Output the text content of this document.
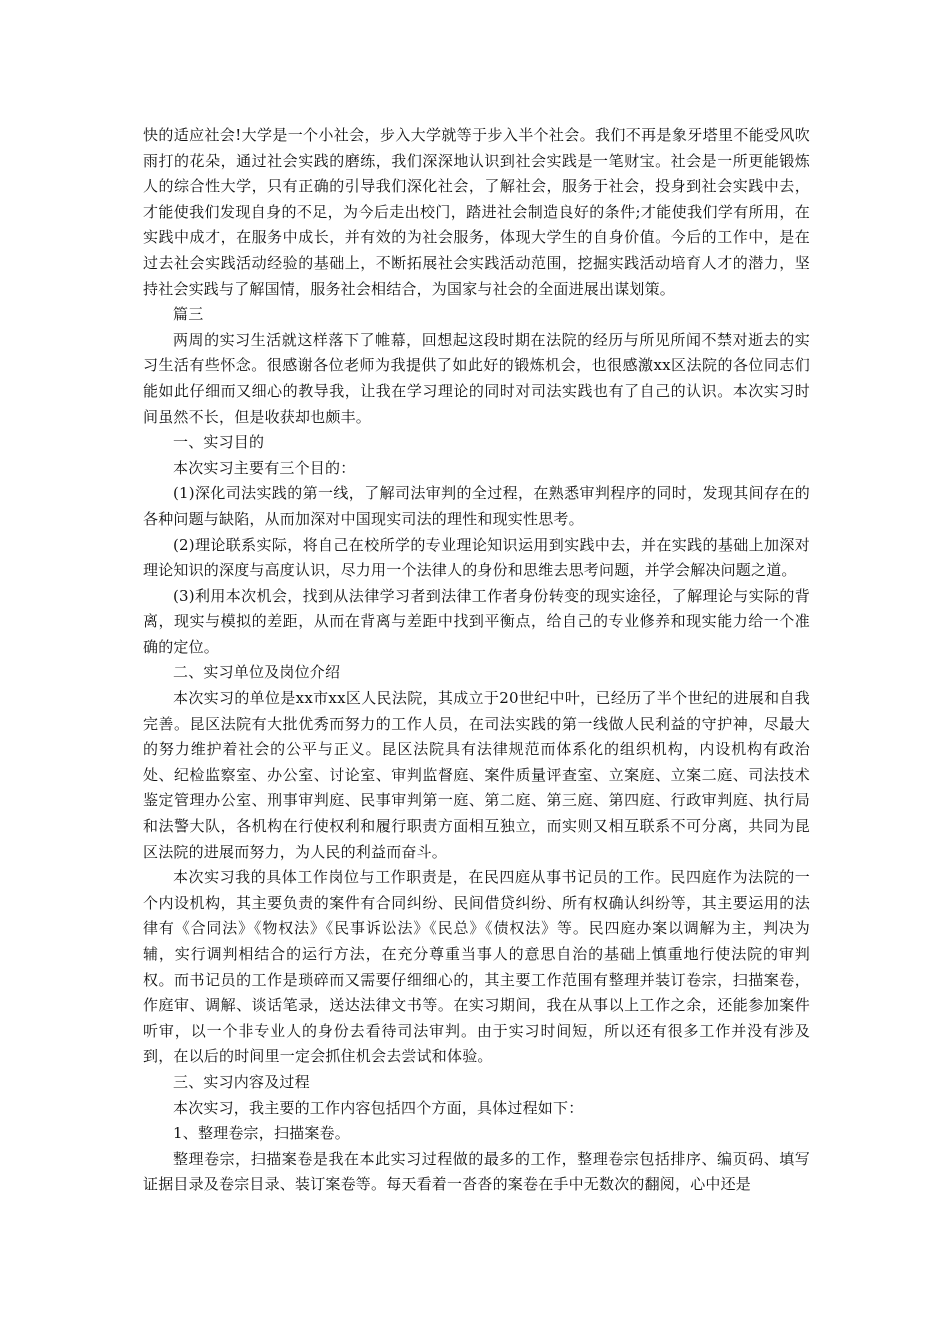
快的适应社会!大学是一个小社会，步入大学就等于步入半个社会。我们不再是象牙塔里不能受风吹雨打的花朵，通过社会实践的磨练，我们深深地认识到社会实践是一笔财宝。社会是一所更能锻炼人的综合性大学，只有正确的引导我们深化社会，了解社会，服务于社会，投身到社会实践中去，才能使我们发现自身的不足，为今后走出校门，踏进社会制造良好的条件;才能使我们学有所用，在实践中成才，在服务中成长，并有效的为社会服务，体现大学生的自身价值。今后的工作中，是在过去社会实践活动经验的基础上，不断拓展社会实践活动范围，挖掘实践活动培育人才的潜力，坚持社会实践与了解国情，服务社会相结合，为国家与社会的全面进展出谋划策。

篇三

两周的实习生活就这样落下了帷幕，回想起这段时期在法院的经历与所见所闻不禁对逝去的实习生活有些怀念。很感谢各位老师为我提供了如此好的锻炼机会，也很感激xx区法院的各位同志们能如此仔细而又细心的教导我，让我在学习理论的同时对司法实践也有了自己的认识。本次实习时间虽然不长，但是收获却也颇丰。

一、实习目的

本次实习主要有三个目的：

(1)深化司法实践的第一线，了解司法审判的全过程，在熟悉审判程序的同时，发现其间存在的各种问题与缺陷，从而加深对中国现实司法的理性和现实性思考。

(2)理论联系实际，将自己在校所学的专业理论知识运用到实践中去，并在实践的基础上加深对理论知识的深度与高度认识，尽力用一个法律人的身份和思维去思考问题，并学会解决问题之道。

(3)利用本次机会，找到从法律学习者到法律工作者身份转变的现实途径，了解理论与实际的背离，现实与模拟的差距，从而在背离与差距中找到平衡点，给自己的专业修养和现实能力给一个准确的定位。

二、实习单位及岗位介绍

本次实习的单位是xx市xx区人民法院，其成立于20世纪中叶，已经历了半个世纪的进展和自我完善。昆区法院有大批优秀而努力的工作人员，在司法实践的第一线做人民利益的守护神，尽最大的努力维护着社会的公平与正义。昆区法院具有法律规范而体系化的组织机构，内设机构有政治处、纪检监察室、办公室、讨论室、审判监督庭、案件质量评查室、立案庭、立案二庭、司法技术鉴定管理办公室、刑事审判庭、民事审判第一庭、第二庭、第三庭、第四庭、行政审判庭、执行局和法警大队，各机构在行使权利和履行职责方面相互独立，而实则又相互联系不可分离，共同为昆区法院的进展而努力，为人民的利益而奋斗。

本次实习我的具体工作岗位与工作职责是，在民四庭从事书记员的工作。民四庭作为法院的一个内设机构，其主要负责的案件有合同纠纷、民间借贷纠纷、所有权确认纠纷等，其主要运用的法律有《合同法》《物权法》《民事诉讼法》《民总》《债权法》等。民四庭办案以调解为主，判决为辅，实行调判相结合的运行方法，在充分尊重当事人的意思自治的基础上慎重地行使法院的审判权。而书记员的工作是琐碎而又需要仔细细心的，其主要工作范围有整理并装订卷宗，扫描案卷，作庭审、调解、谈话笔录，送达法律文书等。在实习期间，我在从事以上工作之余，还能参加案件听审，以一个非专业人的身份去看待司法审判。由于实习时间短，所以还有很多工作并没有涉及到，在以后的时间里一定会抓住机会去尝试和体验。

三、实习内容及过程

本次实习，我主要的工作内容包括四个方面，具体过程如下：

1、整理卷宗，扫描案卷。

整理卷宗，扫描案卷是我在本此实习过程做的最多的工作，整理卷宗包括排序、编页码、填写证据目录及卷宗目录、装订案卷等。每天看着一沓沓的案卷在手中无数次的翻阅，心中还是
